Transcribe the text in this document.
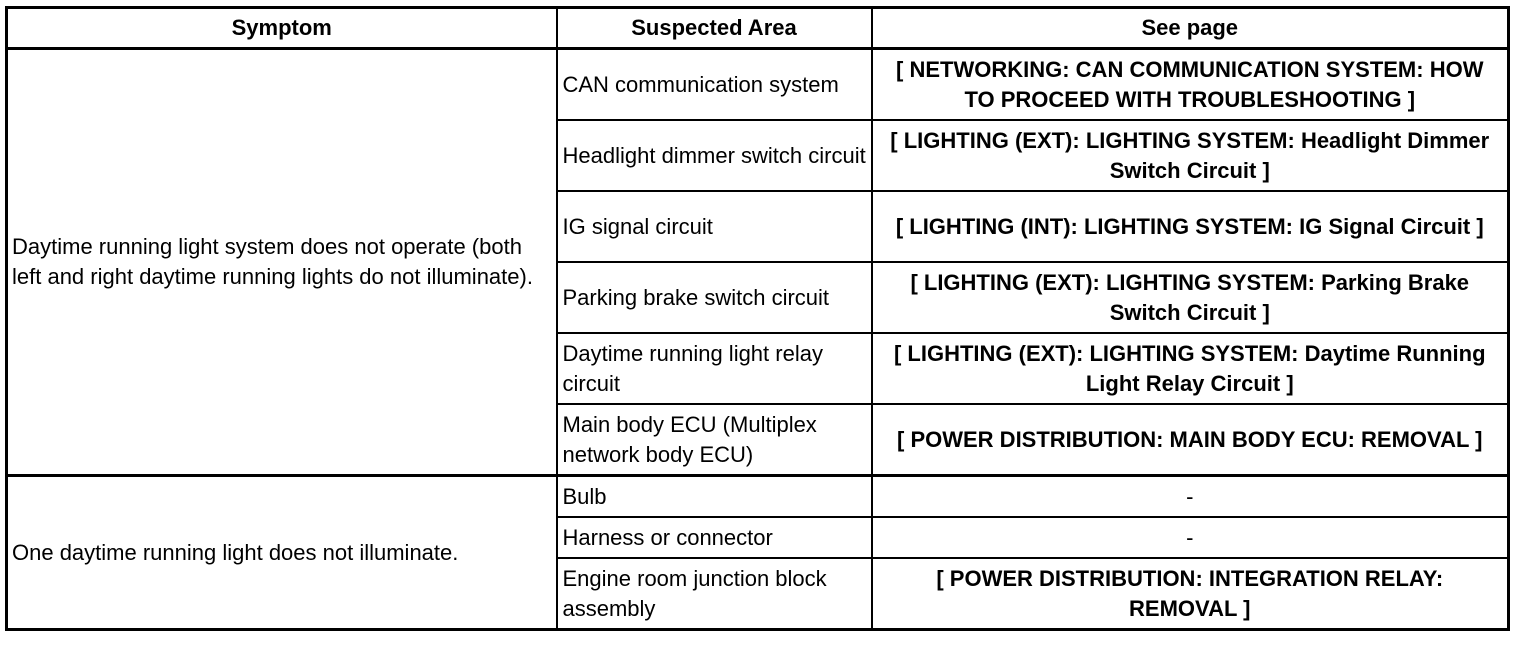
Symptom	Suspected Area	See page
Daytime running light system does not operate (both left and right daytime running lights do not illuminate).	CAN communication system	[ NETWORKING: CAN COMMUNICATION SYSTEM: HOW TO PROCEED WITH TROUBLESHOOTING ]
	Headlight dimmer switch circuit	[ LIGHTING (EXT): LIGHTING SYSTEM: Headlight Dimmer Switch Circuit ]
	IG signal circuit	[ LIGHTING (INT): LIGHTING SYSTEM: IG Signal Circuit ]
	Parking brake switch circuit	[ LIGHTING (EXT): LIGHTING SYSTEM: Parking Brake Switch Circuit ]
	Daytime running light relay circuit	[ LIGHTING (EXT): LIGHTING SYSTEM: Daytime Running Light Relay Circuit ]
	Main body ECU (Multiplex network body ECU)	[ POWER DISTRIBUTION: MAIN BODY ECU: REMOVAL ]
One daytime running light does not illuminate.	Bulb	-
	Harness or connector	-
	Engine room junction block assembly	[ POWER DISTRIBUTION: INTEGRATION RELAY: REMOVAL ]
